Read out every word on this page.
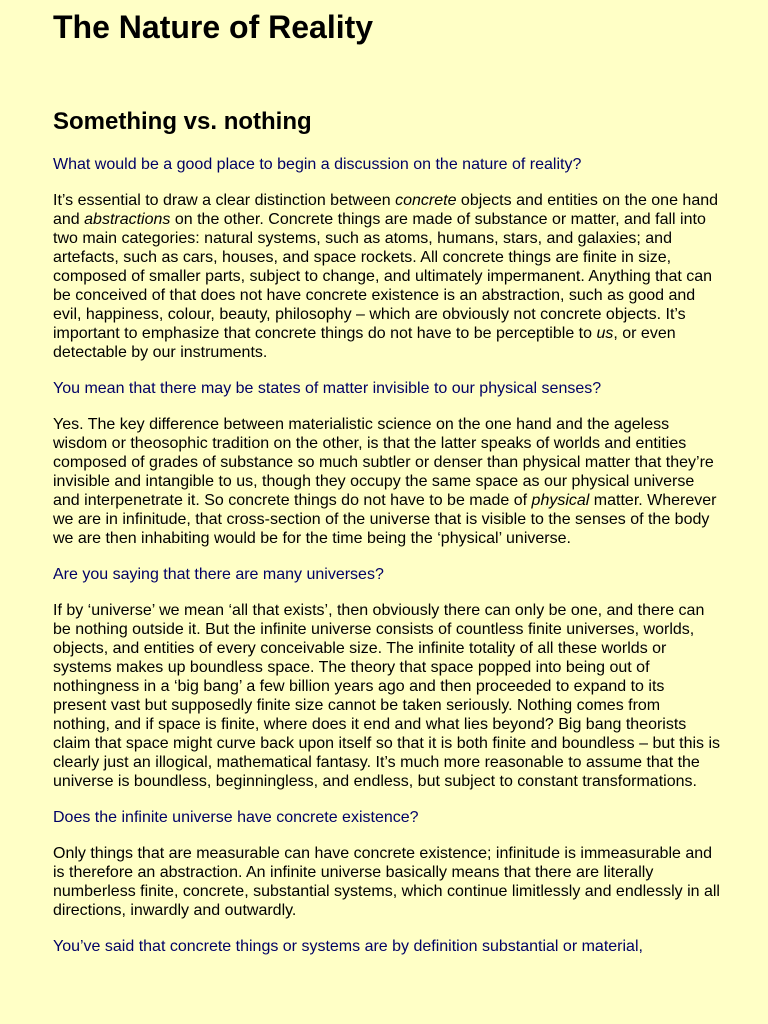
The Nature of Reality
Something vs. nothing

What would be a good place to begin a discussion on the nature of reality?

It’s essential to draw a clear distinction between concrete objects and entities on the one hand and abstractions on the other. Concrete things are made of substance or matter, and fall into two main categories: natural systems, such as atoms, humans, stars, and galaxies; and artefacts, such as cars, houses, and space rockets. All concrete things are finite in size, composed of smaller parts, subject to change, and ultimately impermanent. Anything that can be conceived of that does not have concrete existence is an abstraction, such as good and evil, happiness, colour, beauty, philosophy – which are obviously not concrete objects. It’s important to emphasize that concrete things do not have to be perceptible to us, or even detectable by our instruments.

You mean that there may be states of matter invisible to our physical senses?

Yes. The key difference between materialistic science on the one hand and the ageless wisdom or theosophic tradition on the other, is that the latter speaks of worlds and entities composed of grades of substance so much subtler or denser than physical matter that they’re invisible and intangible to us, though they occupy the same space as our physical universe and interpenetrate it. So concrete things do not have to be made of physical matter. Wherever we are in infinitude, that cross-section of the universe that is visible to the senses of the body we are then inhabiting would be for the time being the ‘physical’ universe.

Are you saying that there are many universes?

If by ‘universe’ we mean ‘all that exists’, then obviously there can only be one, and there can be nothing outside it. But the infinite universe consists of countless finite universes, worlds, objects, and entities of every conceivable size. The infinite totality of all these worlds or systems makes up boundless space. The theory that space popped into being out of nothingness in a ‘big bang’ a few billion years ago and then proceeded to expand to its present vast but supposedly finite size cannot be taken seriously. Nothing comes from nothing, and if space is finite, where does it end and what lies beyond? Big bang theorists claim that space might curve back upon itself so that it is both finite and boundless – but this is clearly just an illogical, mathematical fantasy. It’s much more reasonable to assume that the universe is boundless, beginningless, and endless, but subject to constant transformations.

Does the infinite universe have concrete existence?

Only things that are measurable can have concrete existence; infinitude is immeasurable and is therefore an abstraction. An infinite universe basically means that there are literally numberless finite, concrete, substantial systems, which continue limitlessly and endlessly in all directions, inwardly and outwardly.

You’ve said that concrete things or systems are by definition substantial or material,
